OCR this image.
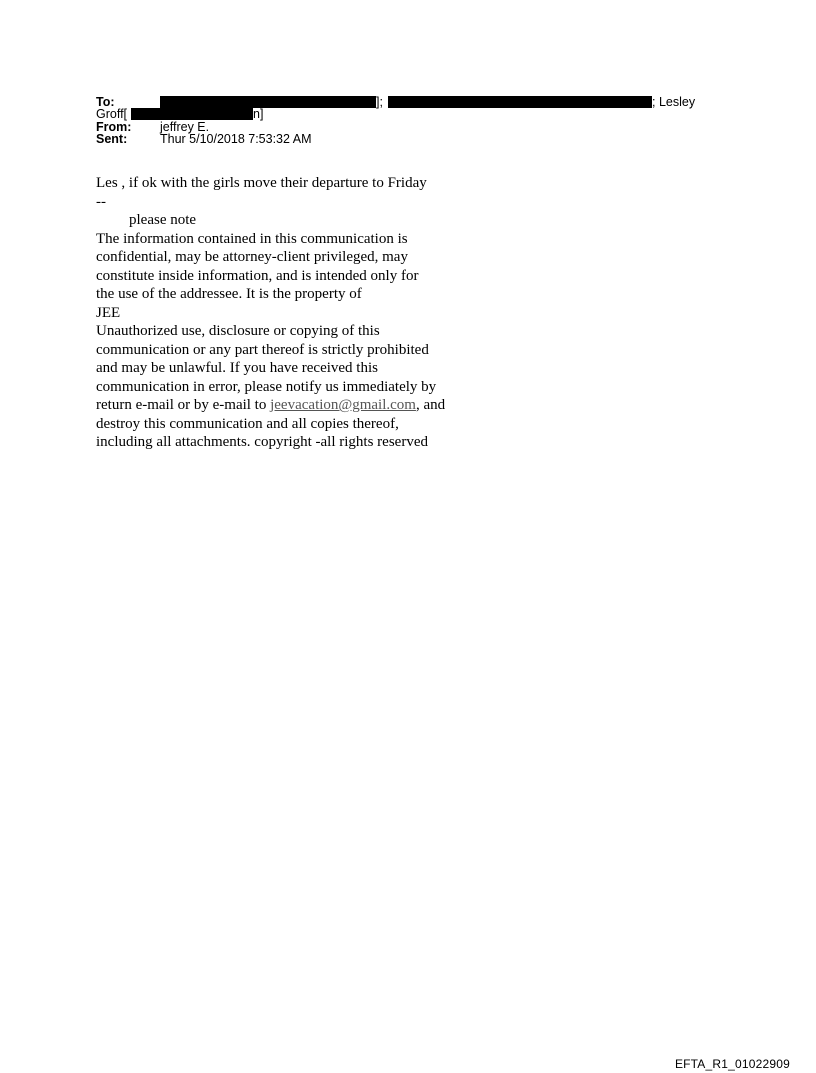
To:	];	; Lesley
Groff[	n]
From: jeffrey E.
Sent:	Thur 5/10/2018 7:53:32 AM
Les , if ok with the girls move their departure to Friday
--
please note
The information contained in this communication is
confidential, may be attorney-client privileged, may
constitute inside information, and is intended only for
the use of the addressee. It is the property of
JEE
Unauthorized use, disclosure or copying of this
communication or any part thereof is strictly prohibited
and may be unlawful. If you have received this
communication in error, please notify us immediately by
return e-mail or by e-mail to jeevacation@gmail.com, and
destroy this communication and all copies thereof,
including all attachments. copyright -all rights reserved
EFTA_R1_01022909
